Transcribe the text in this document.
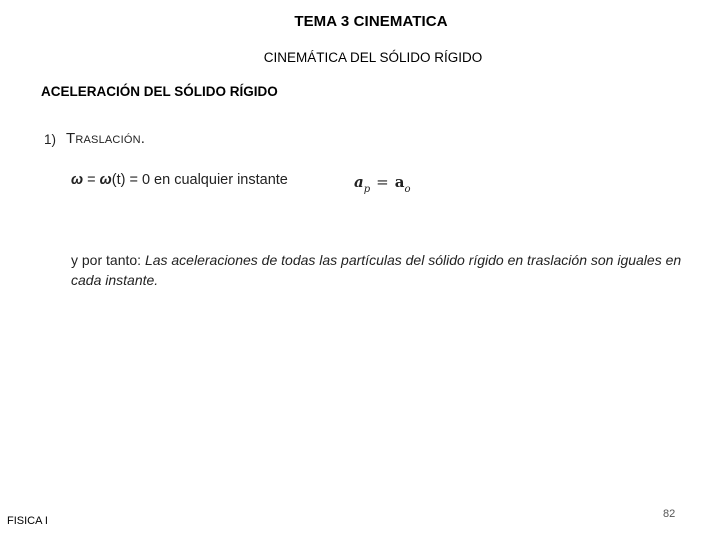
TEMA 3 CINEMATICA
CINEMÁTICA DEL SÓLIDO RÍGIDO
ACELERACIÓN DEL SÓLIDO RÍGIDO
1) Traslación.
ω = ω(t) = 0 en cualquier instante	$a_p = a_o$
y por tanto: Las aceleraciones de todas las partículas del sólido rígido en traslación son iguales en cada instante.
FISICA I
82
